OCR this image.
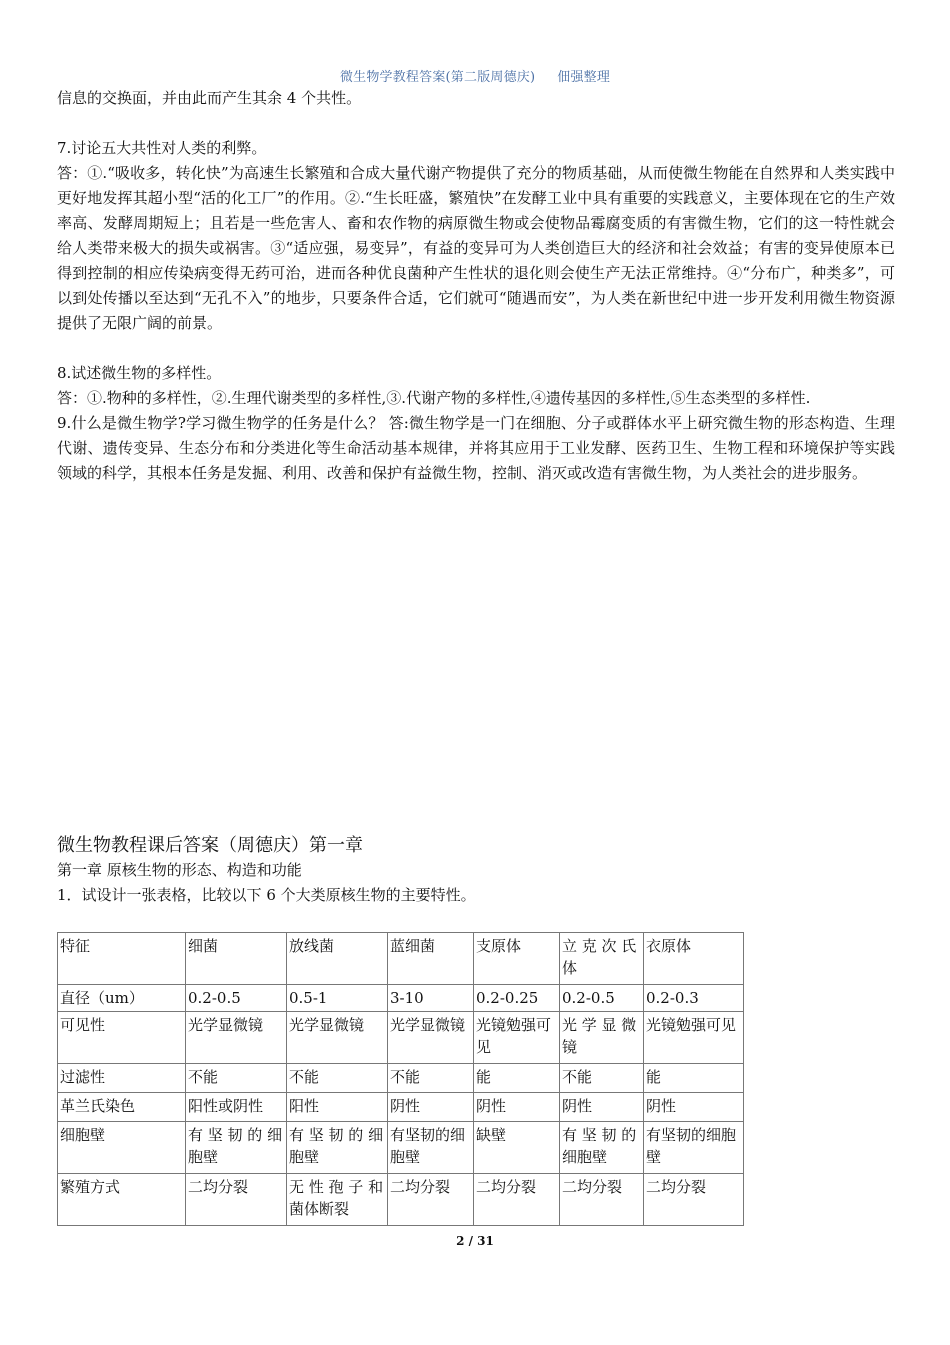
微生物学教程答案(第二版周德庆) 佃强整理

信息的交换面，并由此而产生其余 4 个共性。

7.讨论五大共性对人类的利弊。

答：①.“吸收多，转化快”为高速生长繁殖和合成大量代谢产物提供了充分的物质基础，从而使微生物能在自然界和人类实践中更好地发挥其超小型“活的化工厂”的作用。②.“生长旺盛，繁殖快”在发酵工业中具有重要的实践意义，主要体现在它的生产效率高、发酵周期短上；且若是一些危害人、畜和农作物的病原微生物或会使物品霉腐变质的有害微生物，它们的这一特性就会给人类带来极大的损失或祸害。③“适应强，易变异”，有益的变异可为人类创造巨大的经济和社会效益；有害的变异使原本已得到控制的相应传染病变得无药可治，进而各种优良菌种产生性状的退化则会使生产无法正常维持。④“分布广，种类多”，可以到处传播以至达到“无孔不入”的地步，只要条件合适，它们就可“随遇而安”，为人类在新世纪中进一步开发利用微生物资源提供了无限广阔的前景。

8.试述微生物的多样性。

答：①.物种的多样性，②.生理代谢类型的多样性,③.代谢产物的多样性,④遗传基因的多样性,⑤生态类型的多样性.

9.什么是微生物学?学习微生物学的任务是什么？ 答:微生物学是一门在细胞、分子或群体水平上研究微生物的形态构造、生理代谢、遗传变异、生态分布和分类进化等生命活动基本规律，并将其应用于工业发酵、医药卫生、生物工程和环境保护等实践领域的科学，其根本任务是发掘、利用、改善和保护有益微生物，控制、消灭或改造有害微生物，为人类社会的进步服务。

微生物教程课后答案（周德庆）第一章
第一章 原核生物的形态、构造和功能
1．试设计一张表格，比较以下 6 个大类原核生物的主要特性。
特征	细菌	放线菌	蓝细菌	支原体	立 克 次 氏体	衣原体
直径（um）	0.2-0.5	0.5-1	3-10	0.2-0.25	0.2-0.5	0.2-0.3
可见性	光学显微镜	光学显微镜	光学显微镜	光镜勉强可见	光 学 显 微镜	光镜勉强可见
过滤性	不能	不能	不能	能	不能	能
革兰氏染色	阳性或阴性	阳性	阴性	阴性	阴性	阴性
细胞壁	有 坚 韧 的 细胞壁	有 坚 韧 的 细胞壁	有坚韧的细胞壁	缺壁	有 坚 韧 的细胞壁	有坚韧的细胞壁
繁殖方式	二均分裂	无 性 孢 子 和菌体断裂	二均分裂	二均分裂	二均分裂	二均分裂
2 / 31
